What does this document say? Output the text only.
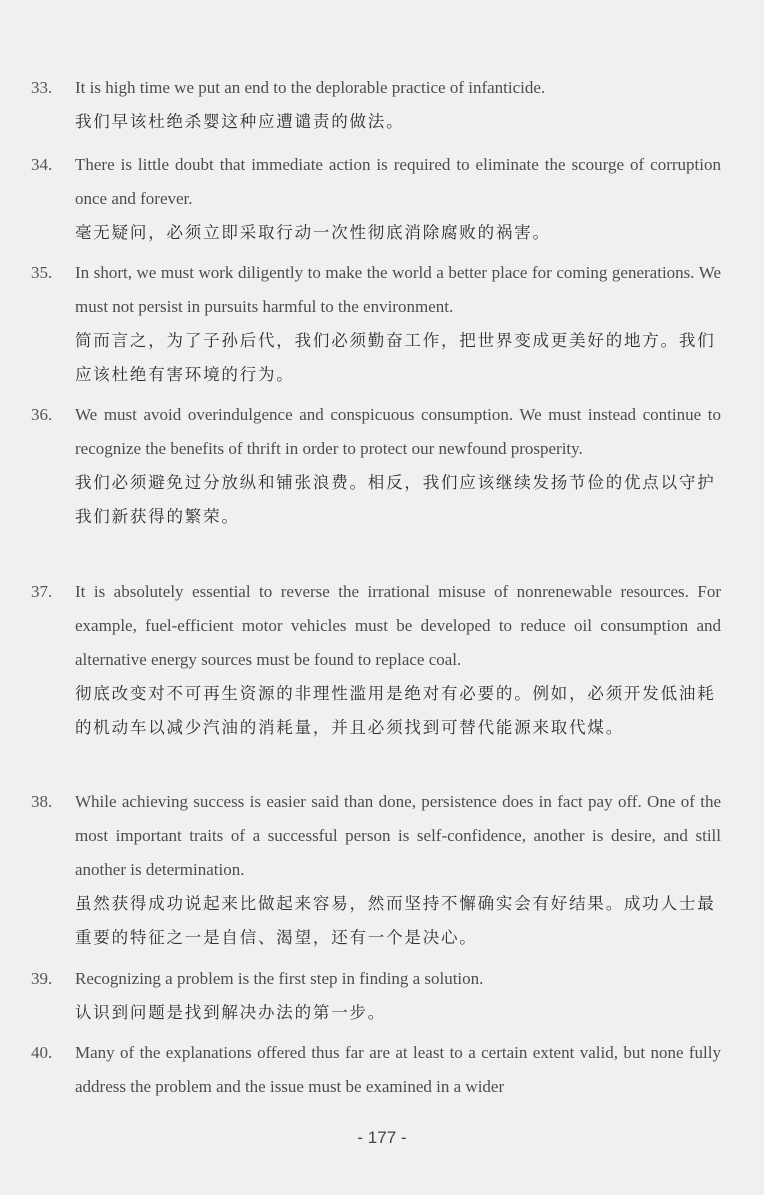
33. It is high time we put an end to the deplorable practice of infanticide.
我们早该杜绝杀婴这种应遭谴责的做法。
34. There is little doubt that immediate action is required to eliminate the scourge of corruption once and forever.
毫无疑问，必须立即采取行动一次性彻底消除腐败的祸害。
35. In short, we must work diligently to make the world a better place for coming generations. We must not persist in pursuits harmful to the environment.
简而言之，为了子孙后代，我们必须勤奋工作，把世界变成更美好的地方。我们应该杜绝有害环境的行为。
36. We must avoid overindulgence and conspicuous consumption. We must instead continue to recognize the benefits of thrift in order to protect our newfound prosperity.
我们必须避免过分放纵和铺张浪费。相反，我们应该继续发扬节俭的优点以守护我们新获得的繁荣。
37. It is absolutely essential to reverse the irrational misuse of nonrenewable resources. For example, fuel-efficient motor vehicles must be developed to reduce oil consumption and alternative energy sources must be found to replace coal.
彻底改变对不可再生资源的非理性滥用是绝对有必要的。例如，必须开发低油耗的机动车以减少汽油的消耗量，并且必须找到可替代能源来取代煤。
38. While achieving success is easier said than done, persistence does in fact pay off. One of the most important traits of a successful person is self-confidence, another is desire, and still another is determination.
虽然获得成功说起来比做起来容易，然而坚持不懈确实会有好结果。成功人士最重要的特征之一是自信、渴望，还有一个是决心。
39. Recognizing a problem is the first step in finding a solution.
认识到问题是找到解决办法的第一步。
40. Many of the explanations offered thus far are at least to a certain extent valid, but none fully address the problem and the issue must be examined in a wider
- 177 -
